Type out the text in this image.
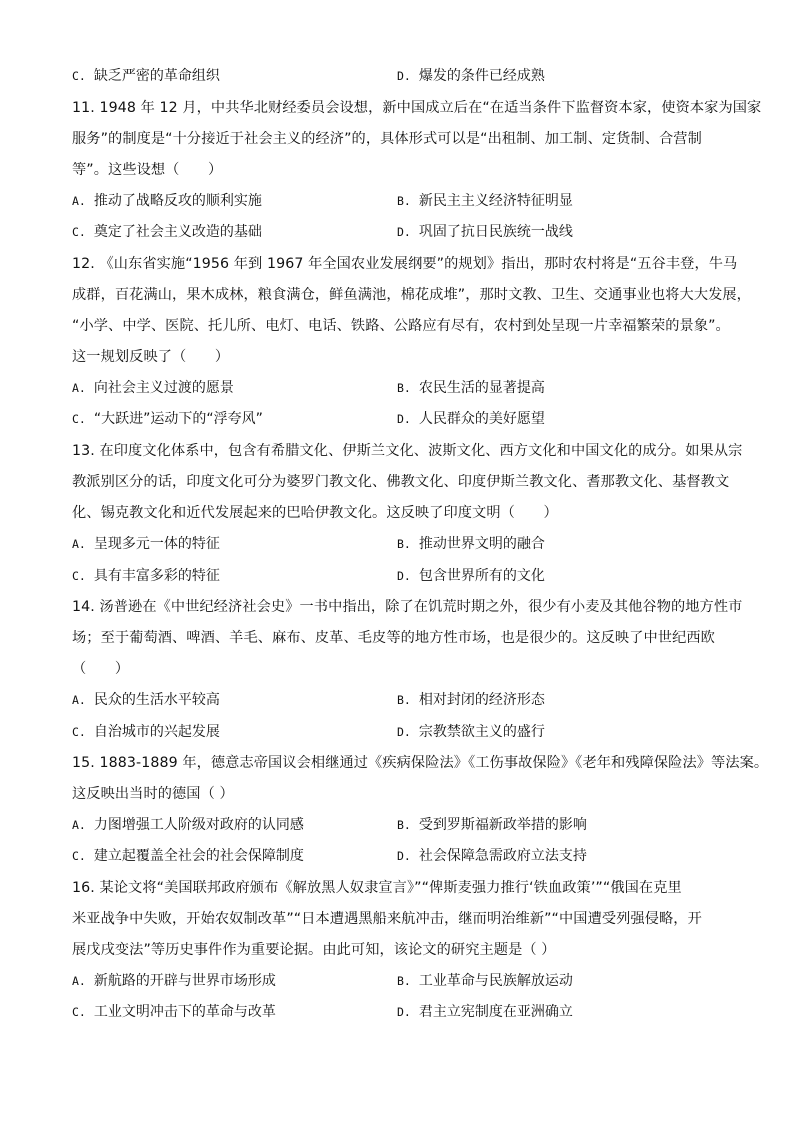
C. 缺乏严密的革命组织	D. 爆发的条件已经成熟
11. 1948 年 12 月，中共华北财经委员会设想，新中国成立后在“在适当条件下监督资本家，使资本家为国家
服务”的制度是“十分接近于社会主义的经济”的，具体形式可以是“出租制、加工制、定货制、合营制
等”。这些设想（　　）
A. 推动了战略反攻的顺利实施	B. 新民主主义经济特征明显
C. 奠定了社会主义改造的基础	D. 巩固了抗日民族统一战线
12. 《山东省实施“1956 年到 1967 年全国农业发展纲要”的规划》指出，那时农村将是“五谷丰登，牛马
成群，百花满山，果木成林，粮食满仓，鲜鱼满池，棉花成堆”，那时文教、卫生、交通事业也将大大发展，
“小学、中学、医院、托儿所、电灯、电话、铁路、公路应有尽有，农村到处呈现一片幸福繁荣的景象”。
这一规划反映了（　　）
A. 向社会主义过渡的愿景	B. 农民生活的显著提高
C. “大跃进”运动下的“浮夸风”	D. 人民群众的美好愿望
13. 在印度文化体系中，包含有希腊文化、伊斯兰文化、波斯文化、西方文化和中国文化的成分。如果从宗
教派别区分的话，印度文化可分为婆罗门教文化、佛教文化、印度伊斯兰教文化、耆那教文化、基督教文
化、锡克教文化和近代发展起来的巴哈伊教文化。这反映了印度文明（　　）
A. 呈现多元一体的特征	B. 推动世界文明的融合
C. 具有丰富多彩的特征	D. 包含世界所有的文化
14. 汤普逊在《中世纪经济社会史》一书中指出，除了在饥荒时期之外，很少有小麦及其他谷物的地方性市
场；至于葡萄酒、啤酒、羊毛、麻布、皮革、毛皮等的地方性市场，也是很少的。这反映了中世纪西欧
（　　）
A. 民众的生活水平较高	B. 相对封闭的经济形态
C. 自治城市的兴起发展	D. 宗教禁欲主义的盛行
15. 1883-1889 年，德意志帝国议会相继通过《疾病保险法》《工伤事故保险》《老年和残障保险法》等法案。
这反映出当时的德国（ ）
A. 力图增强工人阶级对政府的认同感	B. 受到罗斯福新政举措的影响
C. 建立起覆盖全社会的社会保障制度	D. 社会保障急需政府立法支持
16. 某论文将“美国联邦政府颁布《解放黑人奴隶宣言》”“俾斯麦强力推行‘铁血政策’”“俄国在克里
米亚战争中失败，开始农奴制改革”“日本遭遇黑船来航冲击，继而明治维新”“中国遭受列强侵略，开
展戊戌变法”等历史事件作为重要论据。由此可知，该论文的研究主题是（ ）
A. 新航路的开辟与世界市场形成	B. 工业革命与民族解放运动
C. 工业文明冲击下的革命与改革	D. 君主立宪制度在亚洲确立
